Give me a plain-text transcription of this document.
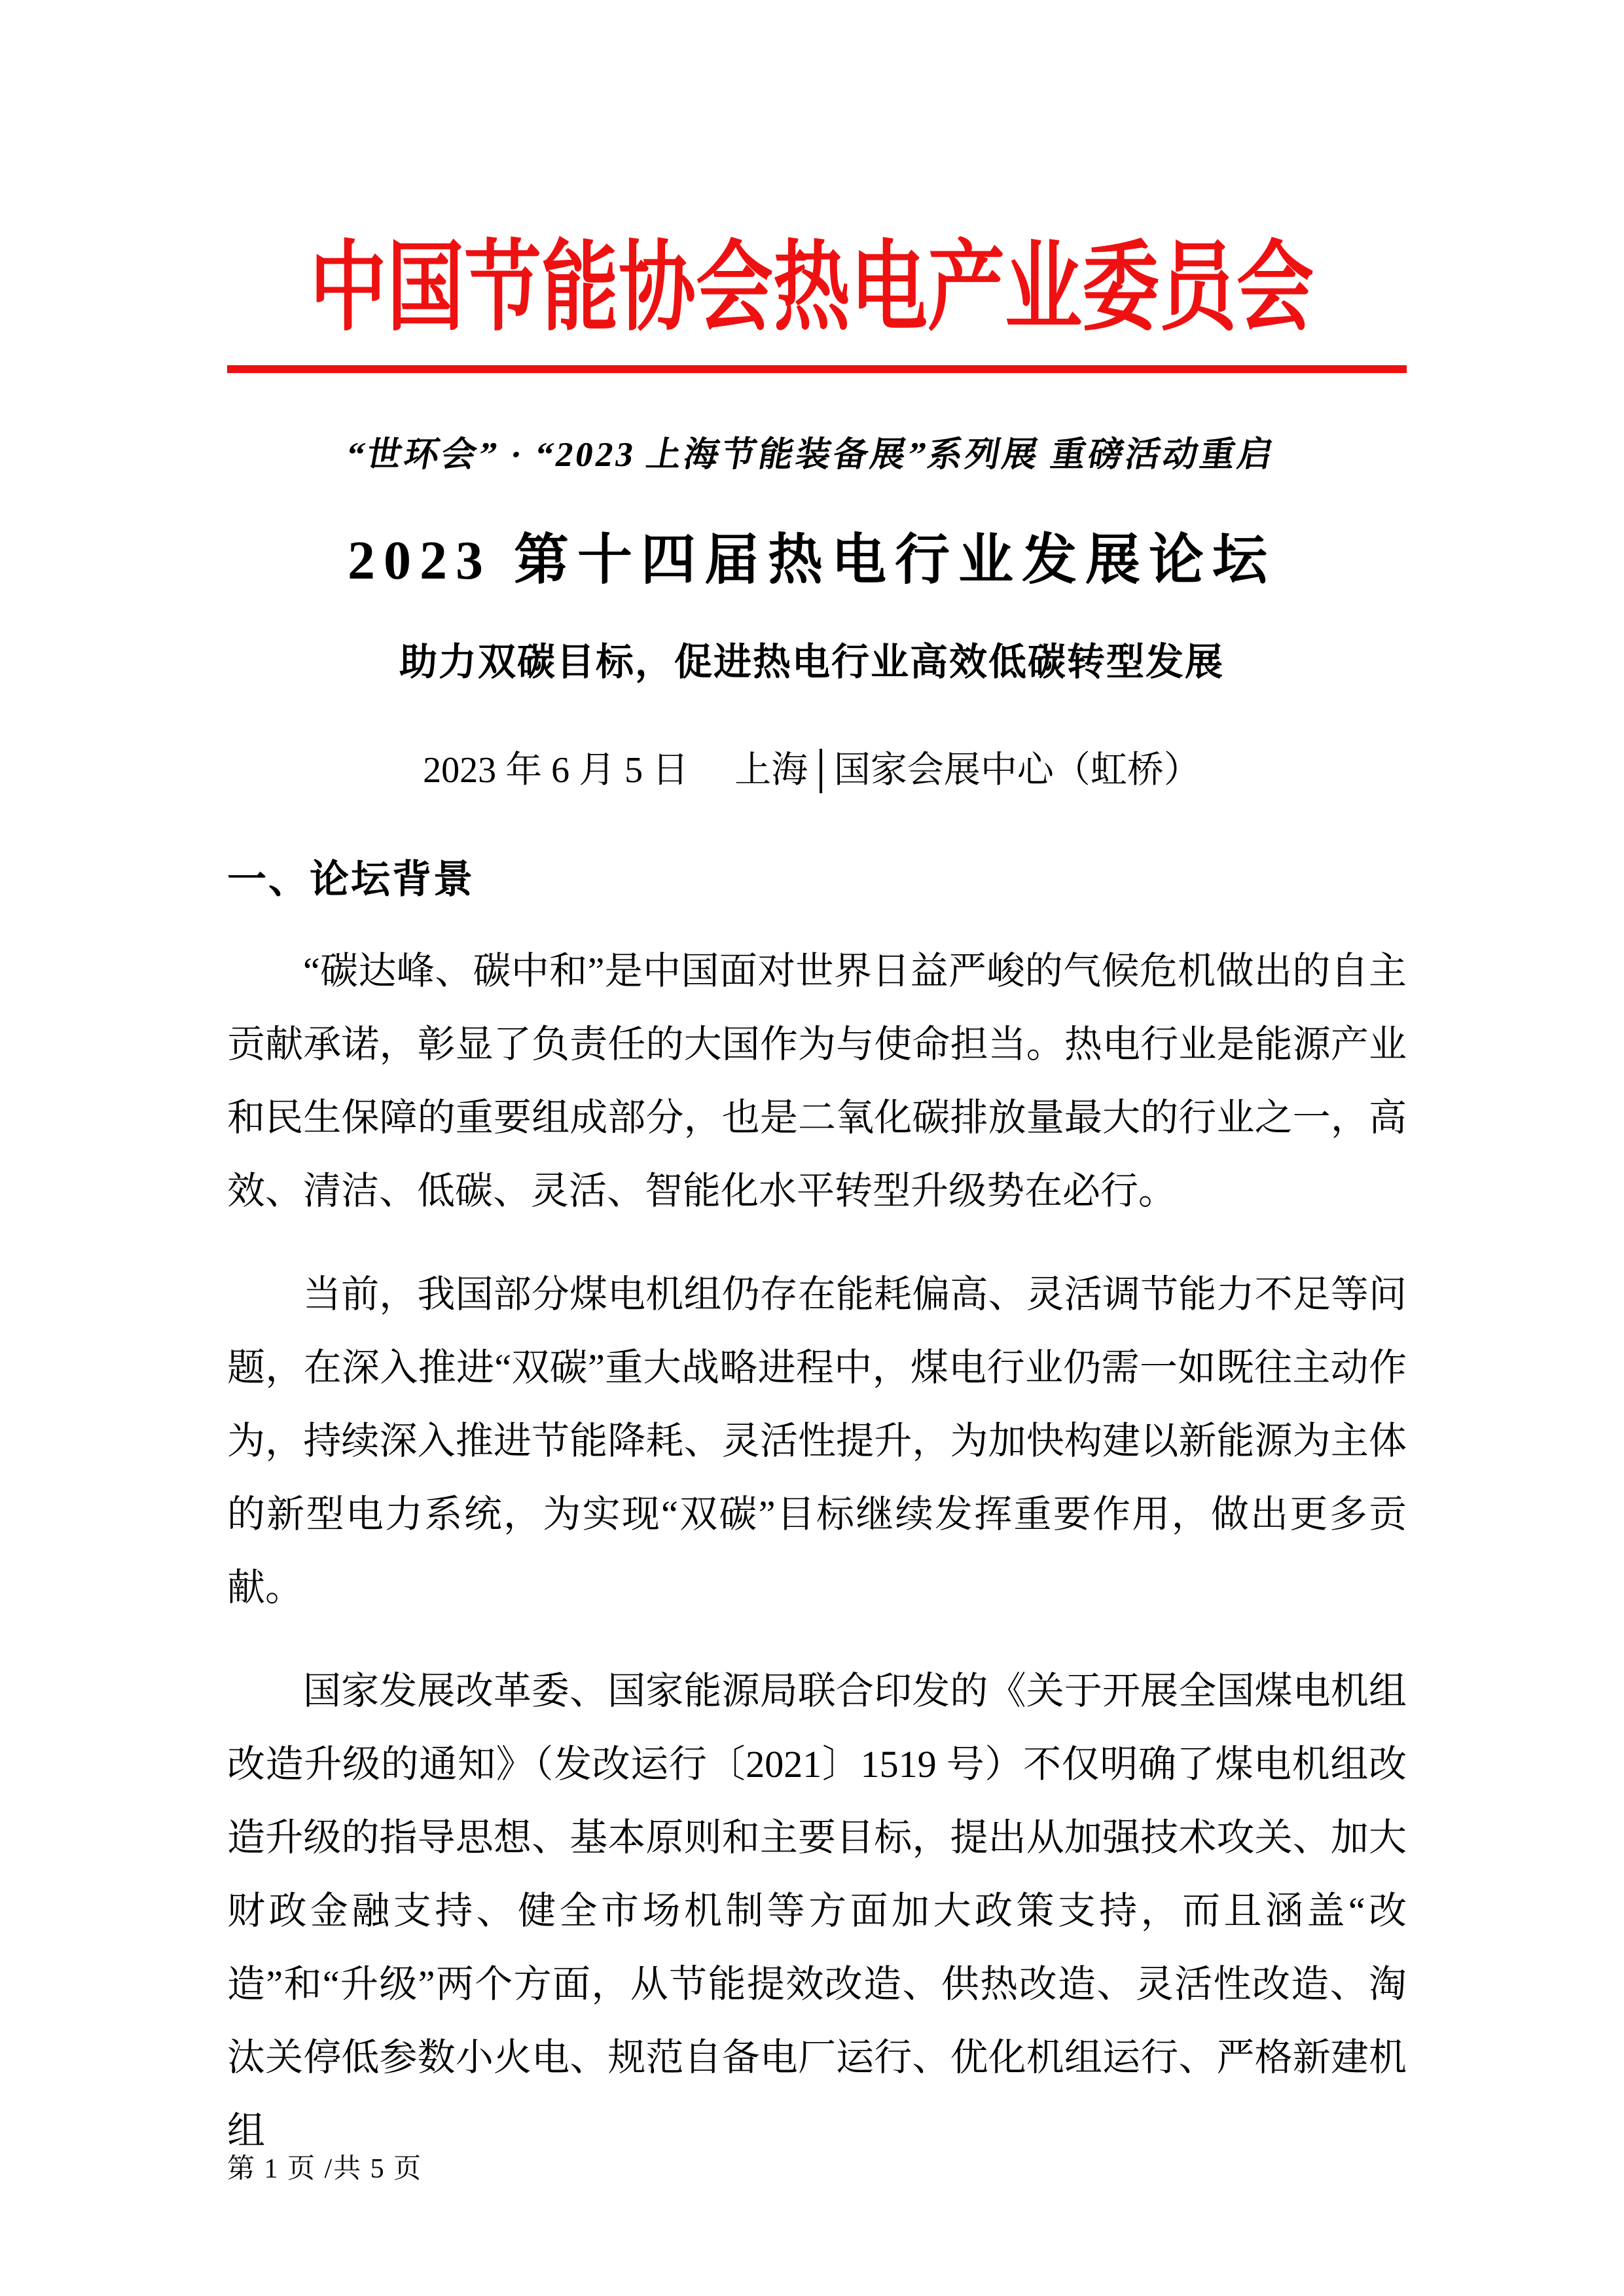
中国节能协会热电产业委员会
“世环会” · “2023 上海节能装备展”系列展 重磅活动重启
2023 第十四届热电行业发展论坛
助力双碳目标，促进热电行业高效低碳转型发展
2023 年 6 月 5 日　 上海│国家会展中心（虹桥）
一、论坛背景

“碳达峰、碳中和”是中国面对世界日益严峻的气候危机做出的自主贡献承诺，彰显了负责任的大国作为与使命担当。热电行业是能源产业和民生保障的重要组成部分，也是二氧化碳排放量最大的行业之一，高效、清洁、低碳、灵活、智能化水平转型升级势在必行。

当前，我国部分煤电机组仍存在能耗偏高、灵活调节能力不足等问题，在深入推进“双碳”重大战略进程中，煤电行业仍需一如既往主动作为，持续深入推进节能降耗、灵活性提升，为加快构建以新能源为主体的新型电力系统，为实现“双碳”目标继续发挥重要作用，做出更多贡献。

国家发展改革委、国家能源局联合印发的《关于开展全国煤电机组改造升级的通知》（发改运行〔2021〕1519 号）不仅明确了煤电机组改造升级的指导思想、基本原则和主要目标，提出从加强技术攻关、加大财政金融支持、健全市场机制等方面加大政策支持，而且涵盖“改造”和“升级”两个方面，从节能提效改造、供热改造、灵活性改造、淘汰关停低参数小火电、规范自备电厂运行、优化机组运行、严格新建机组

第 1 页 /共 5 页
